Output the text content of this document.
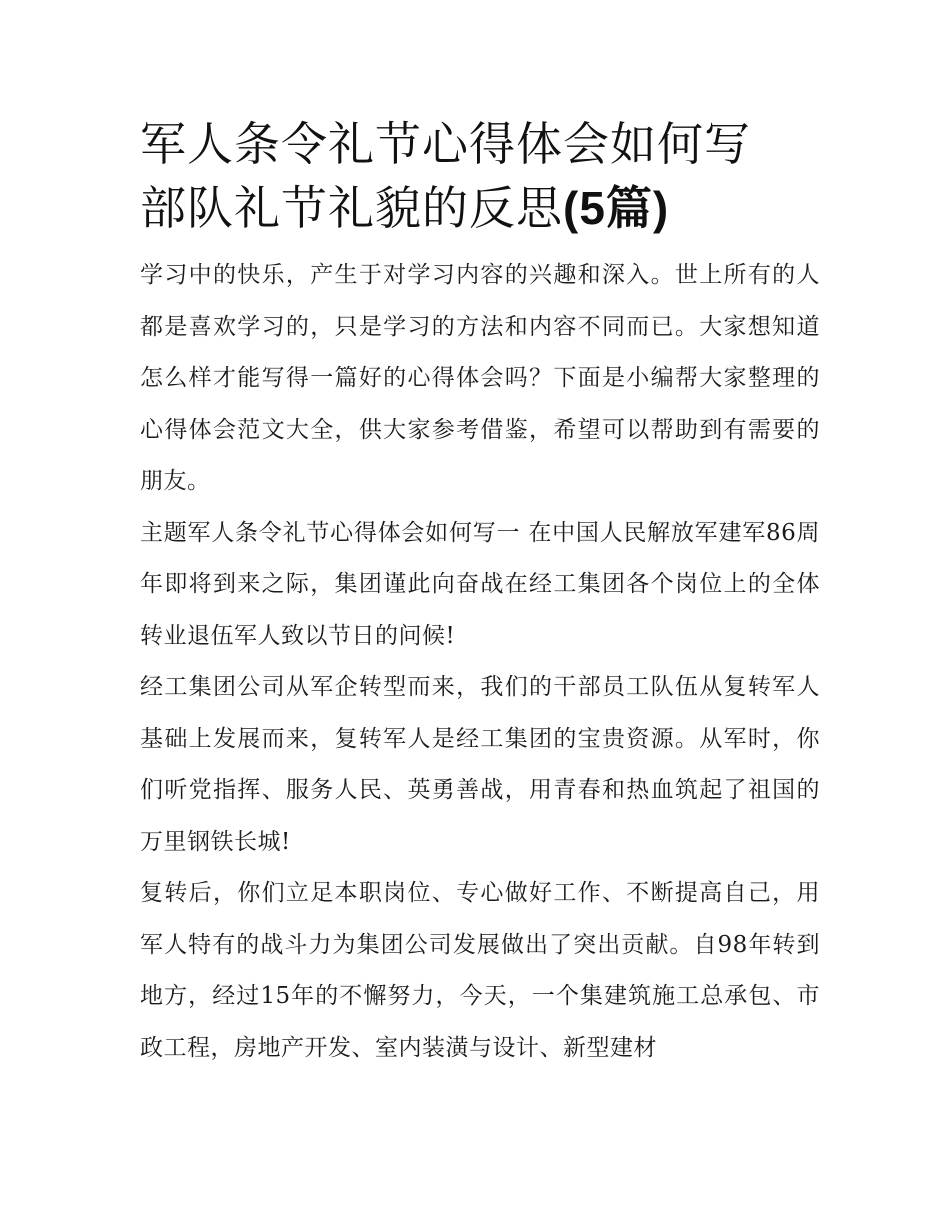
军人条令礼节心得体会如何写
部队礼节礼貌的反思(5篇)

学习中的快乐，产生于对学习内容的兴趣和深入。世上所有的人都是喜欢学习的，只是学习的方法和内容不同而已。大家想知道怎么样才能写得一篇好的心得体会吗？下面是小编帮大家整理的心得体会范文大全，供大家参考借鉴，希望可以帮助到有需要的朋友。

主题军人条令礼节心得体会如何写一 在中国人民解放军建军86周年即将到来之际，集团谨此向奋战在经工集团各个岗位上的全体转业退伍军人致以节日的问候!

经工集团公司从军企转型而来，我们的干部员工队伍从复转军人基础上发展而来，复转军人是经工集团的宝贵资源。从军时，你们听党指挥、服务人民、英勇善战，用青春和热血筑起了祖国的万里钢铁长城!

复转后，你们立足本职岗位、专心做好工作、不断提高自己，用军人特有的战斗力为集团公司发展做出了突出贡献。自98年转到地方，经过15年的不懈努力，今天，一个集建筑施工总承包、市政工程，房地产开发、室内装潢与设计、新型建材
